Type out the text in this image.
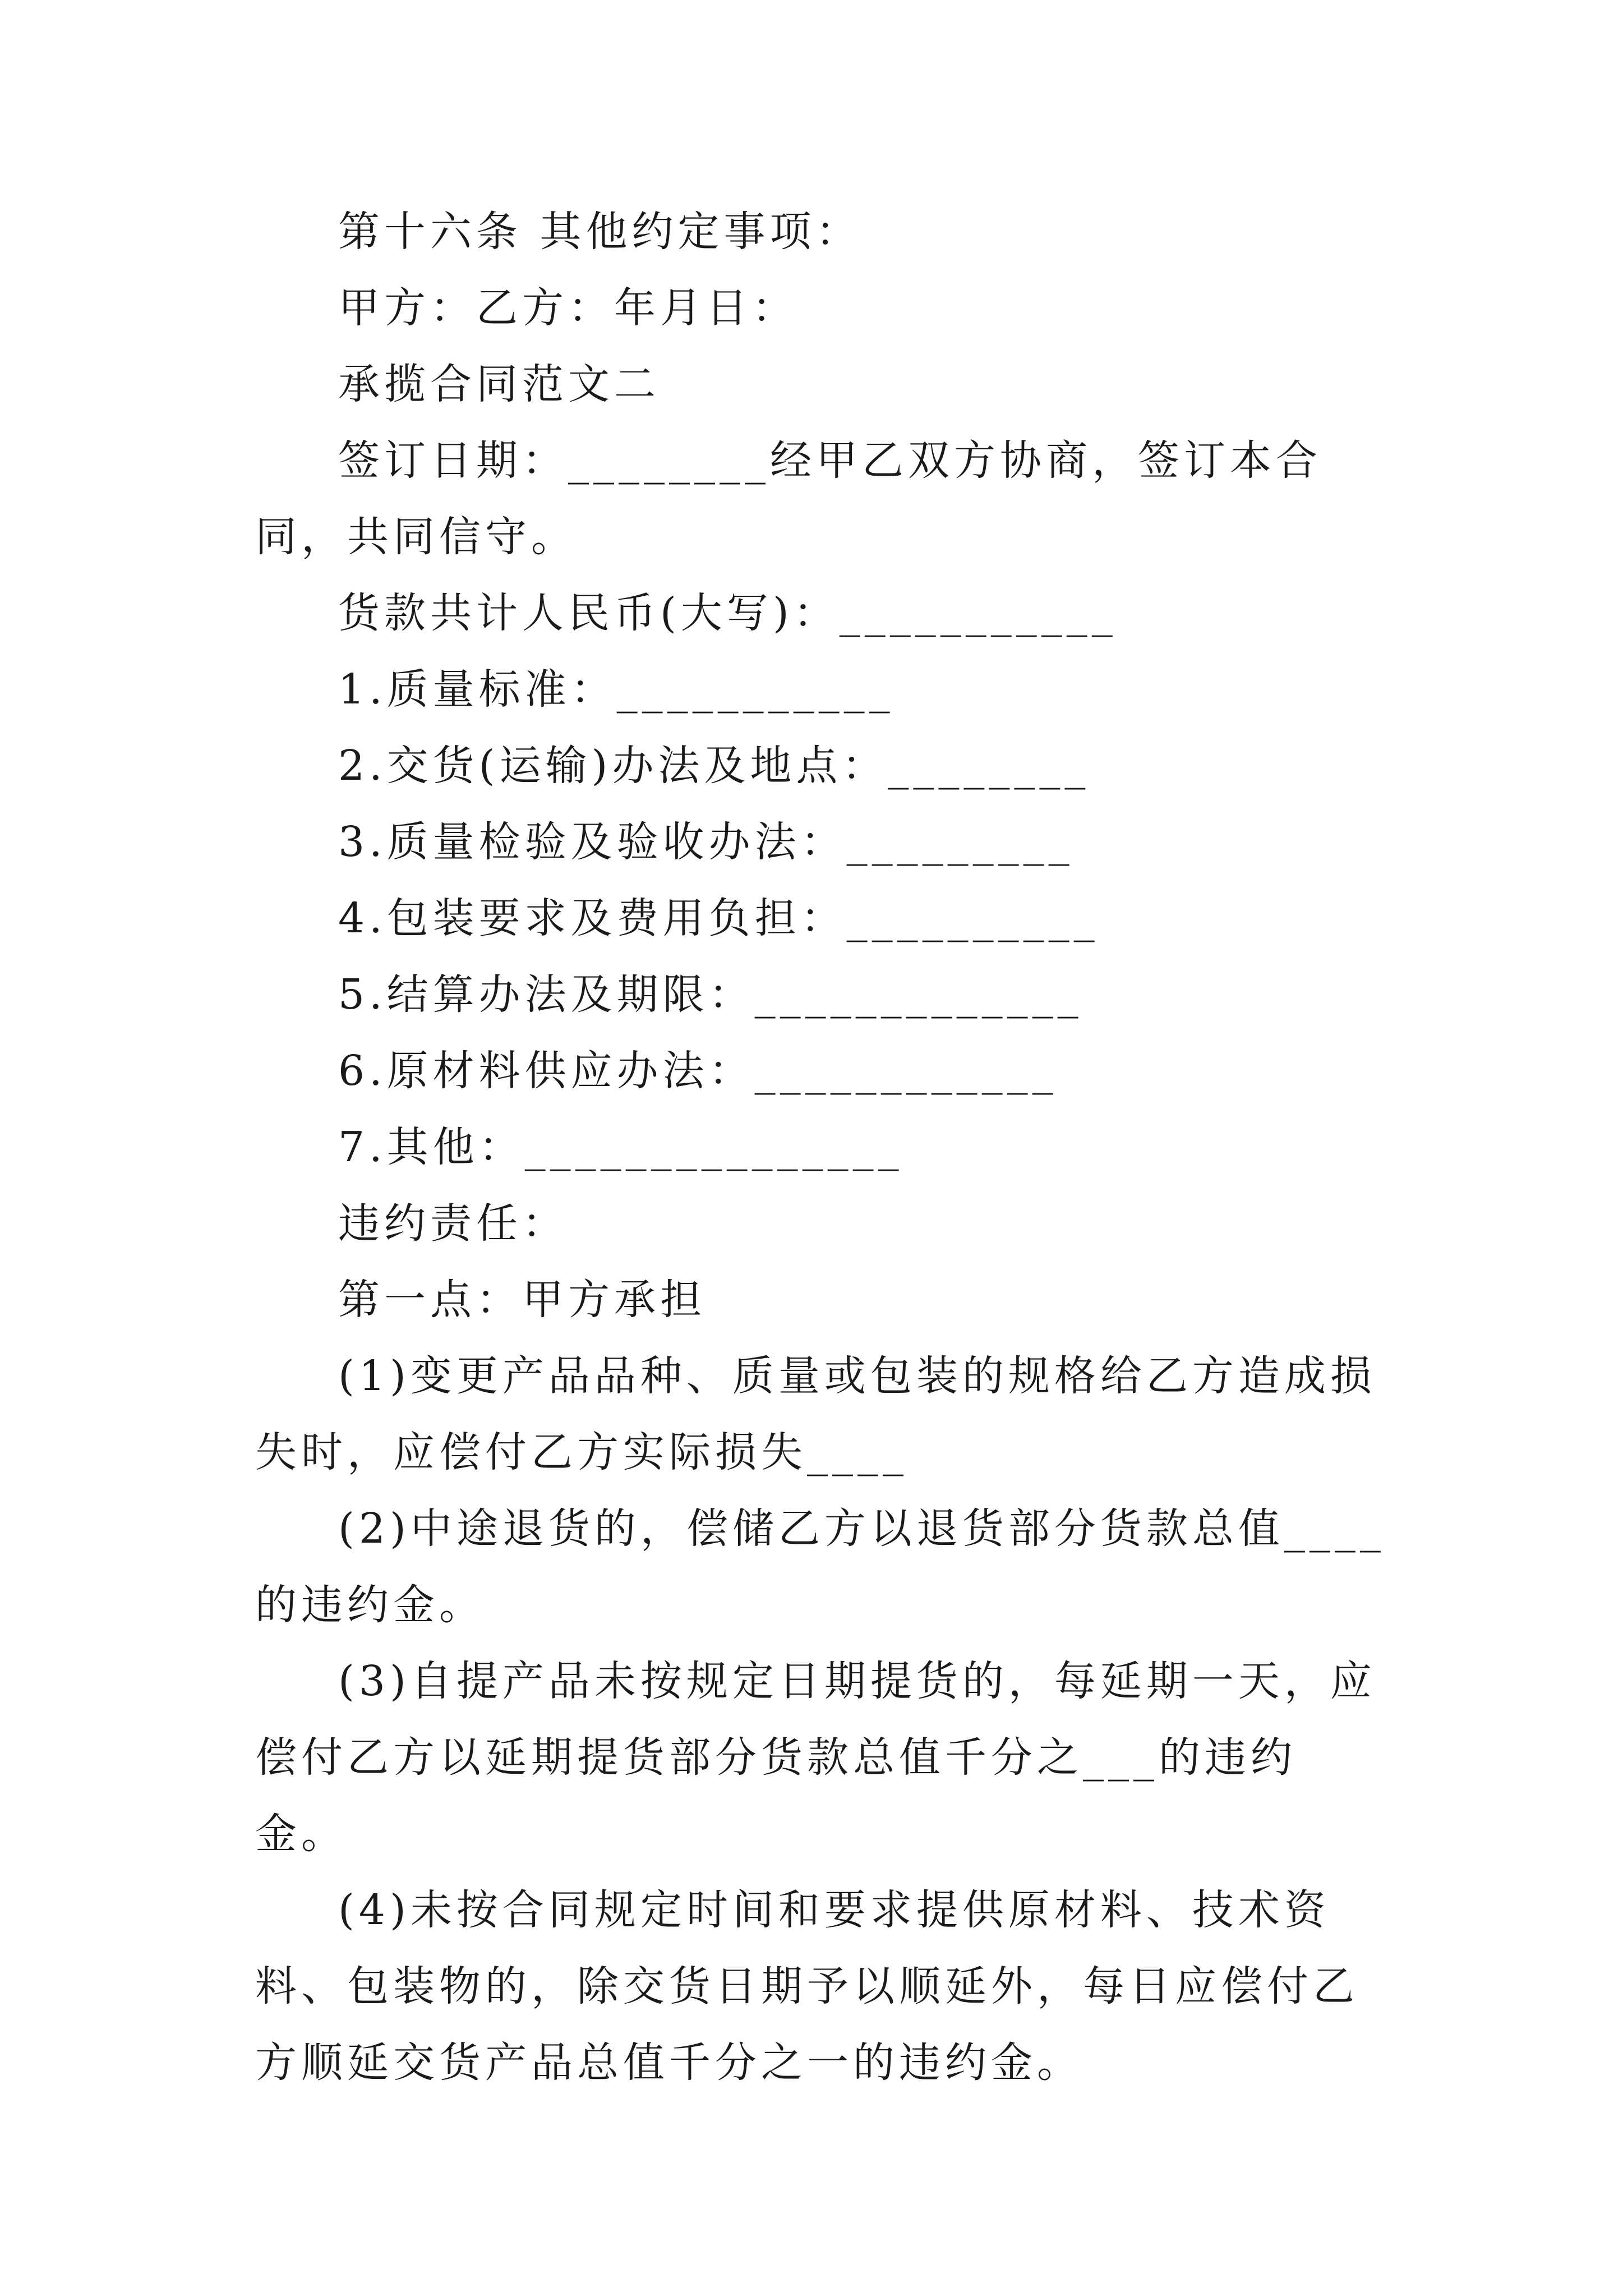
第十六条 其他约定事项：

甲方：乙方：年月日：

承揽合同范文二

签订日期：________经甲乙双方协商，签订本合同，共同信守。

货款共计人民币(大写)：___________

1.质量标准：___________

2.交货(运输)办法及地点：________

3.质量检验及验收办法：_________

4.包装要求及费用负担：__________

5.结算办法及期限：_____________

6.原材料供应办法：____________

7.其他：_______________

违约责任：

第一点：甲方承担

(1)变更产品品种、质量或包装的规格给乙方造成损失时，应偿付乙方实际损失____

(2)中途退货的，偿储乙方以退货部分货款总值____的违约金。

(3)自提产品未按规定日期提货的，每延期一天，应偿付乙方以延期提货部分货款总值千分之___的违约金。

(4)未按合同规定时间和要求提供原材料、技术资料、包装物的，除交货日期予以顺延外，每日应偿付乙方顺延交货产品总值千分之一的违约金。
